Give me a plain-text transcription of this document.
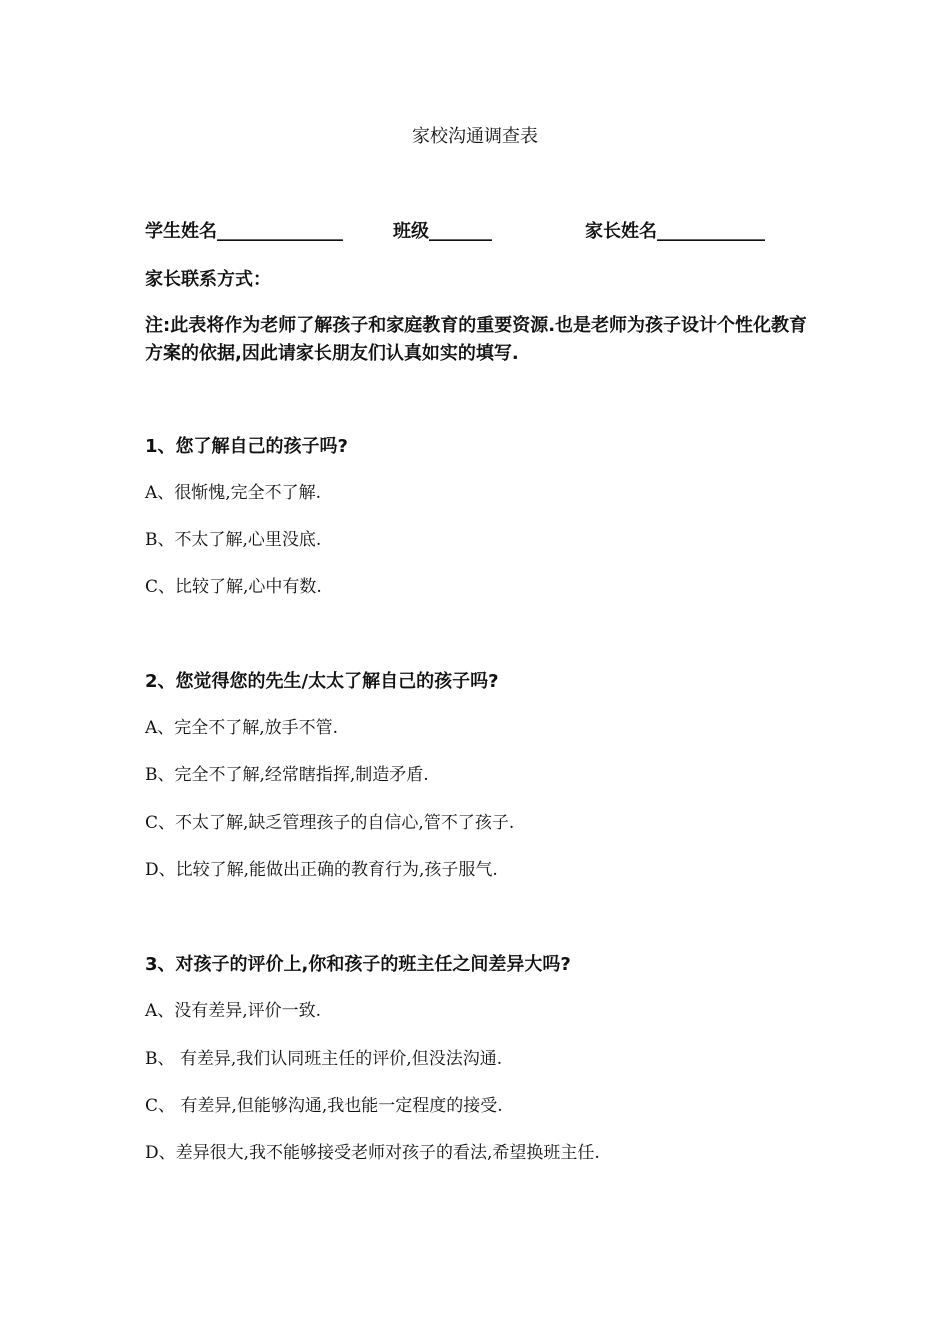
家校沟通调查表
学生姓名______________	班级_______	家长姓名____________
家长联系方式：
注:此表将作为老师了解孩子和家庭教育的重要资源.也是老师为孩子设计个性化教育方案的依据,因此请家长朋友们认真如实的填写.
1、您了解自己的孩子吗?
A、很惭愧,完全不了解.
B、不太了解,心里没底.
C、比较了解,心中有数.
2、您觉得您的先生/太太了解自己的孩子吗?
A、完全不了解,放手不管.
B、完全不了解,经常瞎指挥,制造矛盾.
C、不太了解,缺乏管理孩子的自信心,管不了孩子.
D、比较了解,能做出正确的教育行为,孩子服气.
3、对孩子的评价上,你和孩子的班主任之间差异大吗?
A、没有差异,评价一致.
B、 有差异,我们认同班主任的评价,但没法沟通.
C、 有差异,但能够沟通,我也能一定程度的接受.
D、差异很大,我不能够接受老师对孩子的看法,希望换班主任.
